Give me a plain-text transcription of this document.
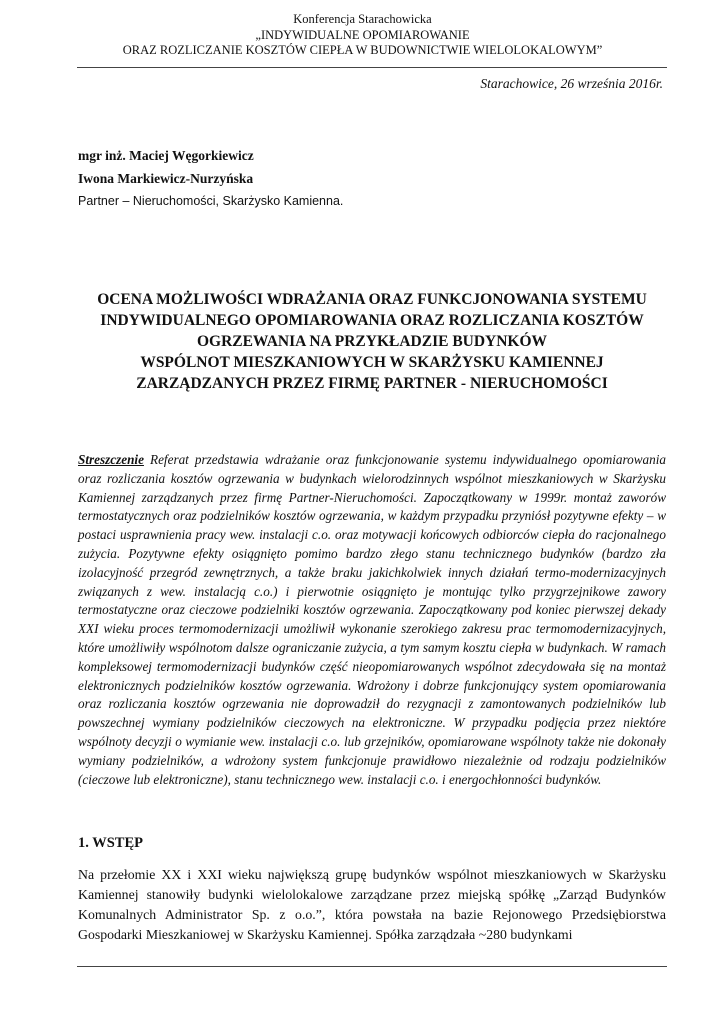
Konferencja Starachowicka
„INDYWIDUALNE OPOMIAROWANIE
ORAZ ROZLICZANIE KOSZTÓW CIEPŁA W BUDOWNICTWIE WIELOLOKALOWYM”
Starachowice, 26 września 2016r.
mgr inż. Maciej Węgorkiewicz
Iwona Markiewicz-Nurzyńska
Partner – Nieruchomości, Skarżysko Kamienna.
OCENA MOŻLIWOŚCI WDRAŻANIA ORAZ FUNKCJONOWANIA SYSTEMU
INDYWIDUALNEGO OPOMIAROWANIA ORAZ ROZLICZANIA KOSZTÓW
OGRZEWANIA NA PRZYKŁADZIE BUDYNKÓW
WSPÓLNOT MIESZKANIOWYCH W SKARŻYSKU KAMIENNEJ
ZARZĄDZANYCH PRZEZ FIRMĘ PARTNER - NIERUCHOMOŚCI
Streszczenie Referat przedstawia wdrażanie oraz funkcjonowanie systemu indywidualnego opomiarowania oraz rozliczania kosztów ogrzewania w budynkach wielorodzinnych wspólnot mieszkaniowych w Skarżysku Kamiennej zarządzanych przez firmę Partner-Nieruchomości. Zapoczątkowany w 1999r. montaż zaworów termostatycznych oraz podzielników kosztów ogrzewania, w każdym przypadku przyniósł pozytywne efekty – w postaci usprawnienia pracy wew. instalacji c.o. oraz motywacji końcowych odbiorców ciepła do racjonalnego zużycia. Pozytywne efekty osiągnięto pomimo bardzo złego stanu technicznego budynków (bardzo zła izolacyjność przegród zewnętrznych, a także braku jakichkolwiek innych działań termo-modernizacyjnych związanych z wew. instalacją c.o.) i pierwotnie osiągnięto je montując tylko przygrzejnikowe zawory termostatyczne oraz cieczowe podzielniki kosztów ogrzewania. Zapoczątkowany pod koniec pierwszej dekady XXI wieku proces termomodernizacji umożliwił wykonanie szerokiego zakresu prac termomodernizacyjnych, które umożliwiły wspólnotom dalsze ograniczanie zużycia, a tym samym kosztu ciepła w budynkach. W ramach kompleksowej termomodernizacji budynków część nieopomiarowanych wspólnot zdecydowała się na montaż elektronicznych podzielników kosztów ogrzewania. Wdrożony i dobrze funkcjonujący system opomiarowania oraz rozliczania kosztów ogrzewania nie doprowadził do rezygnacji z zamontowanych podzielników lub powszechnej wymiany podzielników cieczowych na elektroniczne. W przypadku podjęcia przez niektóre wspólnoty decyzji o wymianie wew. instalacji c.o. lub grzejników, opomiarowane wspólnoty także nie dokonały wymiany podzielników, a wdrożony system funkcjonuje prawidłowo niezależnie od rodzaju podzielników (cieczowe lub elektroniczne), stanu technicznego wew. instalacji c.o. i energochłonności budynków.
1. WSTĘP
Na przełomie XX i XXI wieku największą grupę budynków wspólnot mieszkaniowych w Skarżysku Kamiennej stanowiły budynki wielolokalowe zarządzane przez miejską spółkę „Zarząd Budynków Komunalnych Administrator Sp. z o.o.”, która powstała na bazie Rejonowego Przedsiębiorstwa Gospodarki Mieszkaniowej w Skarżysku Kamiennej. Spółka zarządzała ~280 budynkami
